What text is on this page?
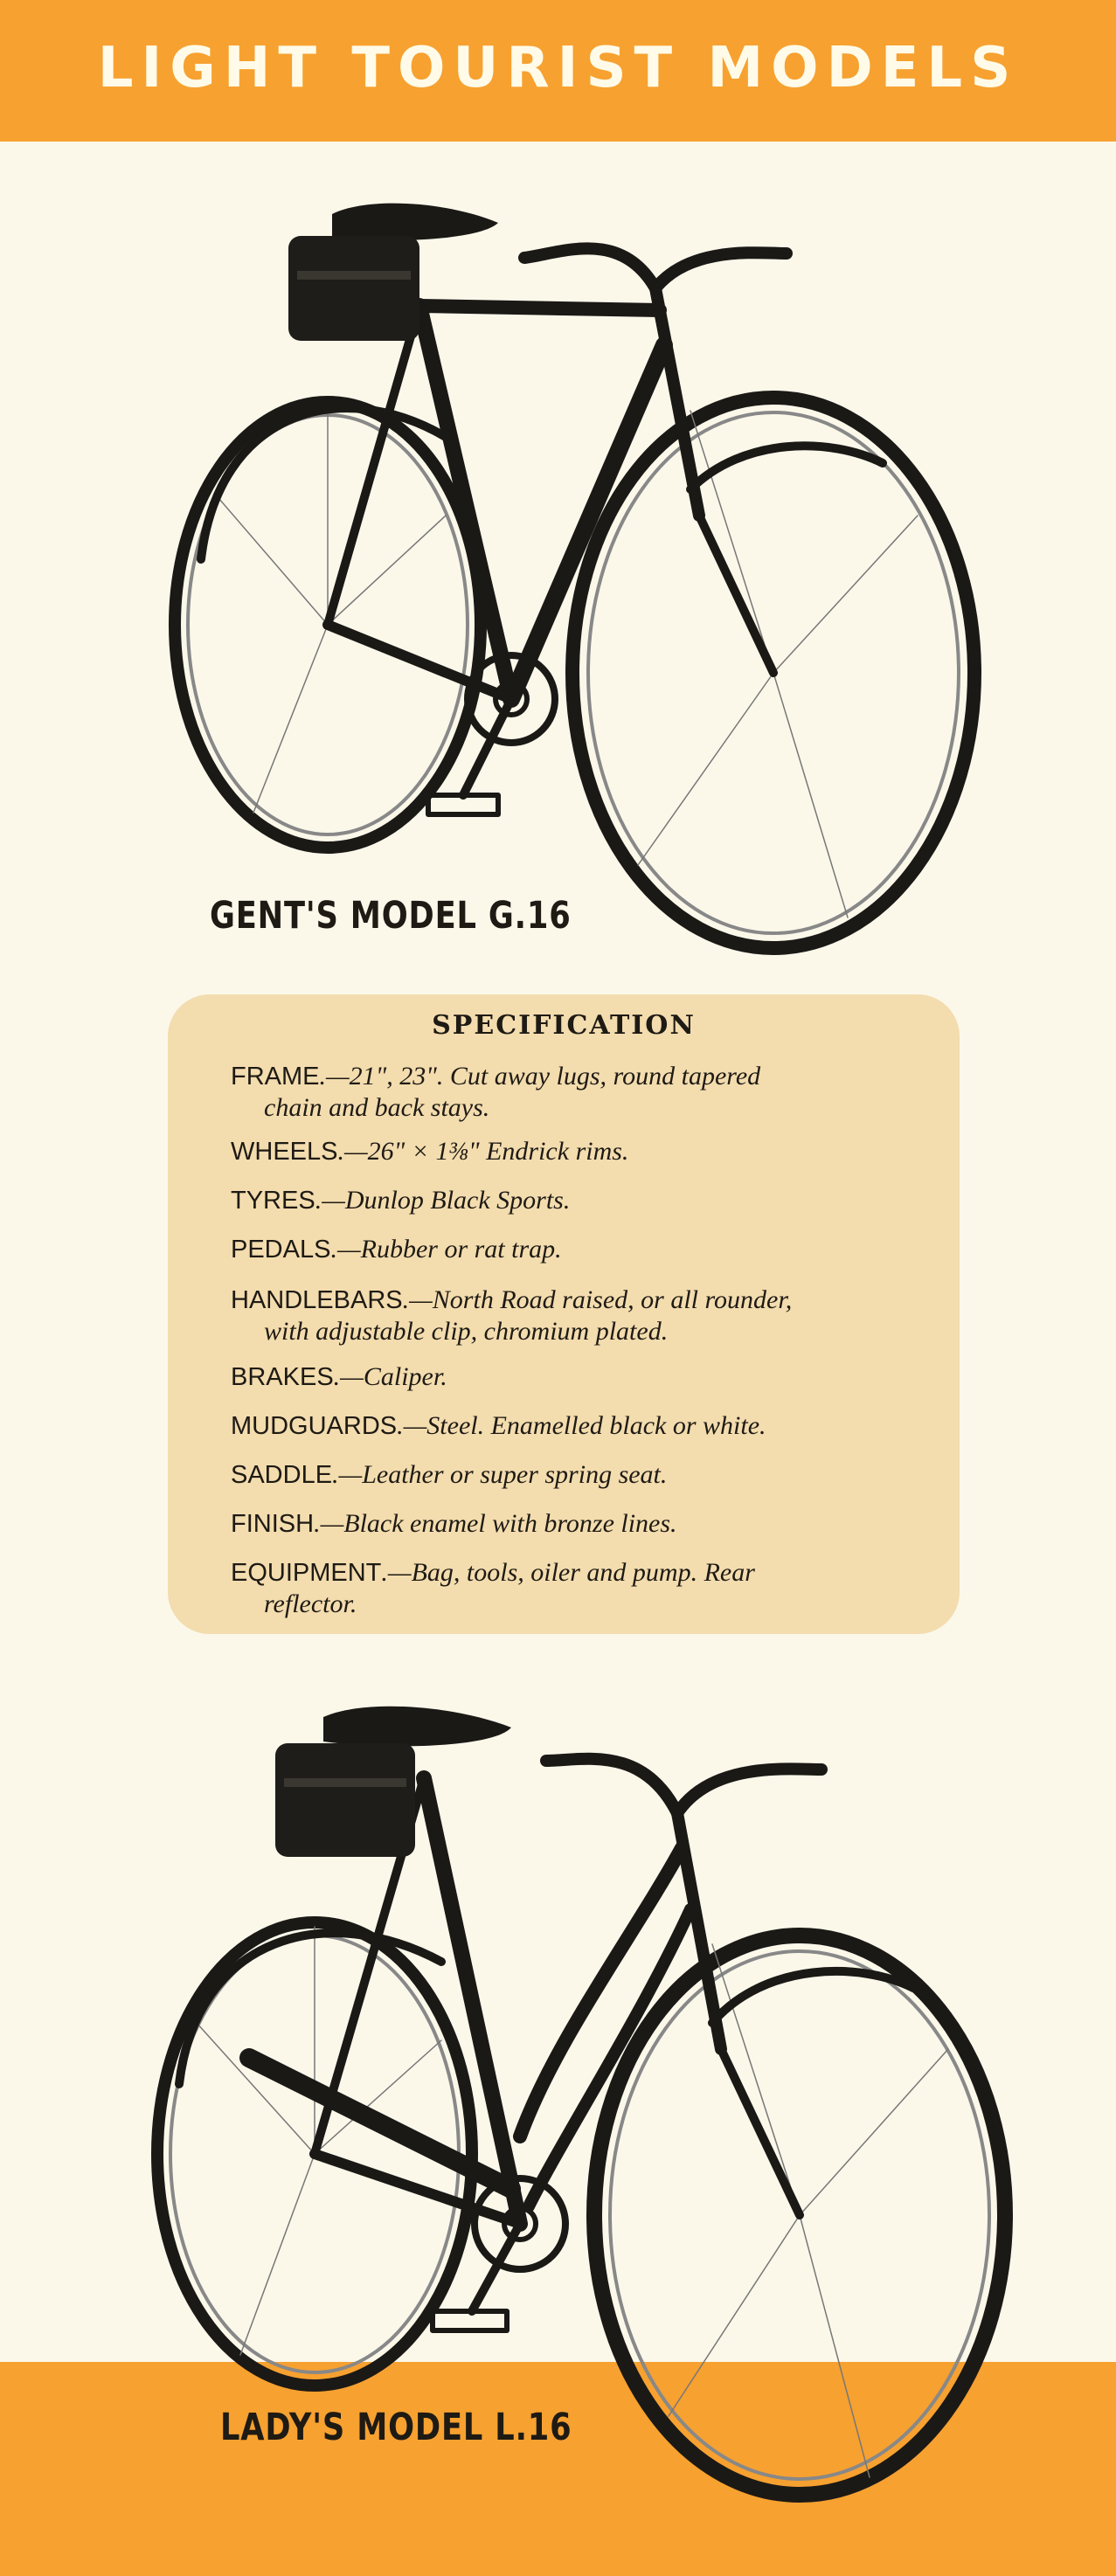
LIGHT TOURIST MODELS
GENT'S MODEL G.16
SPECIFICATION

FRAME.—21", 23". Cut away lugs, round tapered
chain and back stays.

WHEELS.—26" × 1⅜" Endrick rims.

TYRES.—Dunlop Black Sports.

PEDALS.—Rubber or rat trap.

HANDLEBARS.—North Road raised, or all rounder,
with adjustable clip, chromium plated.

BRAKES.—Caliper.

MUDGUARDS.—Steel. Enamelled black or white.

SADDLE.—Leather or super spring seat.

FINISH.—Black enamel with bronze lines.

EQUIPMENT.—Bag, tools, oiler and pump. Rear
reflector.

LADY'S MODEL L.16
